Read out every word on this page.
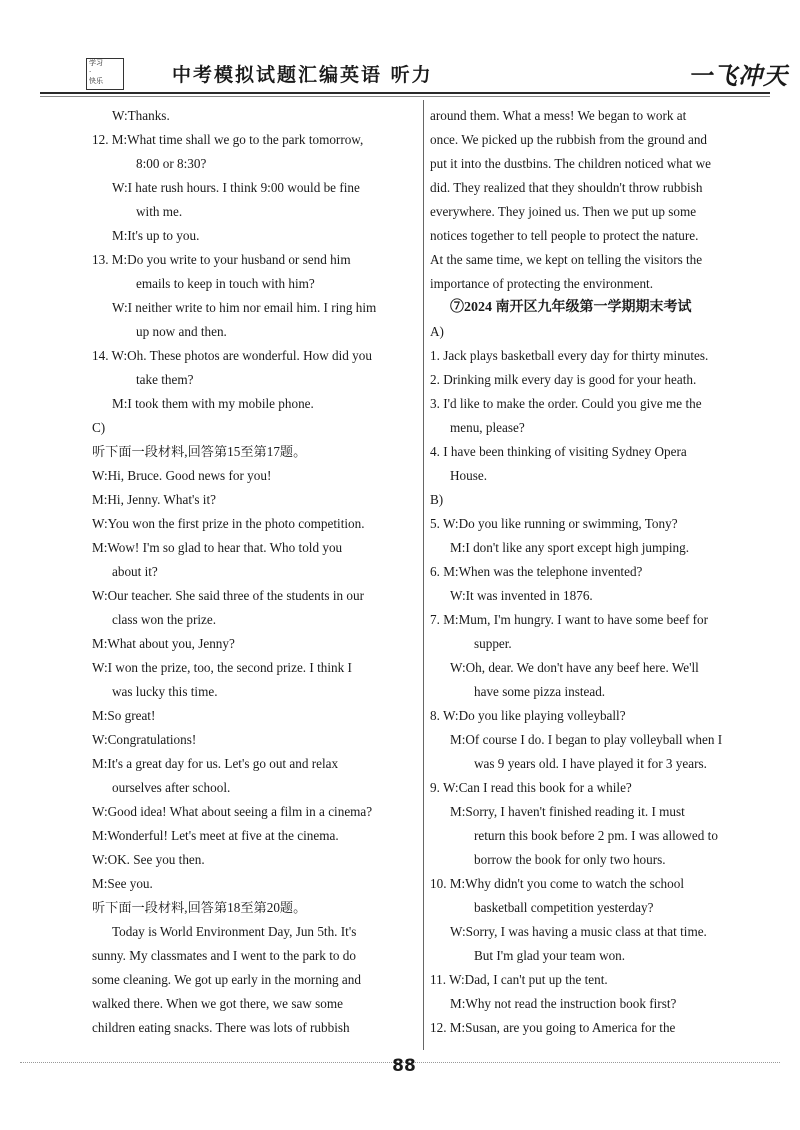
学习
·
快乐	中考模拟试题汇编英语 听力	一飞冲天
W:Thanks.
12. M:What time shall we go to the park tomorrow,
8:00 or 8:30?
W:I hate rush hours. I think 9:00 would be fine
with me.
M:It's up to you.
13. M:Do you write to your husband or send him
emails to keep in touch with him?
W:I neither write to him nor email him. I ring him
up now and then.
14. W:Oh. These photos are wonderful. How did you
take them?
M:I took them with my mobile phone.
C)
听下面一段材料,回答第15至第17题。
W:Hi, Bruce. Good news for you!
M:Hi, Jenny. What's it?
W:You won the first prize in the photo competition.
M:Wow! I'm so glad to hear that. Who told you
about it?
W:Our teacher. She said three of the students in our
class won the prize.
M:What about you, Jenny?
W:I won the prize, too, the second prize. I think I
was lucky this time.
M:So great!
W:Congratulations!
M:It's a great day for us. Let's go out and relax
ourselves after school.
W:Good idea! What about seeing a film in a cinema?
M:Wonderful! Let's meet at five at the cinema.
W:OK. See you then.
M:See you.
听下面一段材料,回答第18至第20题。
Today is World Environment Day, Jun 5th. It's
sunny. My classmates and I went to the park to do
some cleaning. We got up early in the morning and
walked there. When we got there, we saw some
children eating snacks. There was lots of rubbish
around them. What a mess! We began to work at
once. We picked up the rubbish from the ground and
put it into the dustbins. The children noticed what we
did. They realized that they shouldn't throw rubbish
everywhere. They joined us. Then we put up some
notices together to tell people to protect the nature.
At the same time, we kept on telling the visitors the
importance of protecting the environment.
⑦2024 南开区九年级第一学期期末考试
A)
1. Jack plays basketball every day for thirty minutes.
2. Drinking milk every day is good for your heath.
3. I'd like to make the order. Could you give me the
menu, please?
4. I have been thinking of visiting Sydney Opera
House.
B)
5. W:Do you like running or swimming, Tony?
M:I don't like any sport except high jumping.
6. M:When was the telephone invented?
W:It was invented in 1876.
7. M:Mum, I'm hungry. I want to have some beef for
supper.
W:Oh, dear. We don't have any beef here. We'll
have some pizza instead.
8. W:Do you like playing volleyball?
M:Of course I do. I began to play volleyball when I
was 9 years old. I have played it for 3 years.
9. W:Can I read this book for a while?
M:Sorry, I haven't finished reading it. I must
return this book before 2 pm. I was allowed to
borrow the book for only two hours.
10. M:Why didn't you come to watch the school
basketball competition yesterday?
W:Sorry, I was having a music class at that time.
But I'm glad your team won.
11. W:Dad, I can't put up the tent.
M:Why not read the instruction book first?
12. M:Susan, are you going to America for the
88
